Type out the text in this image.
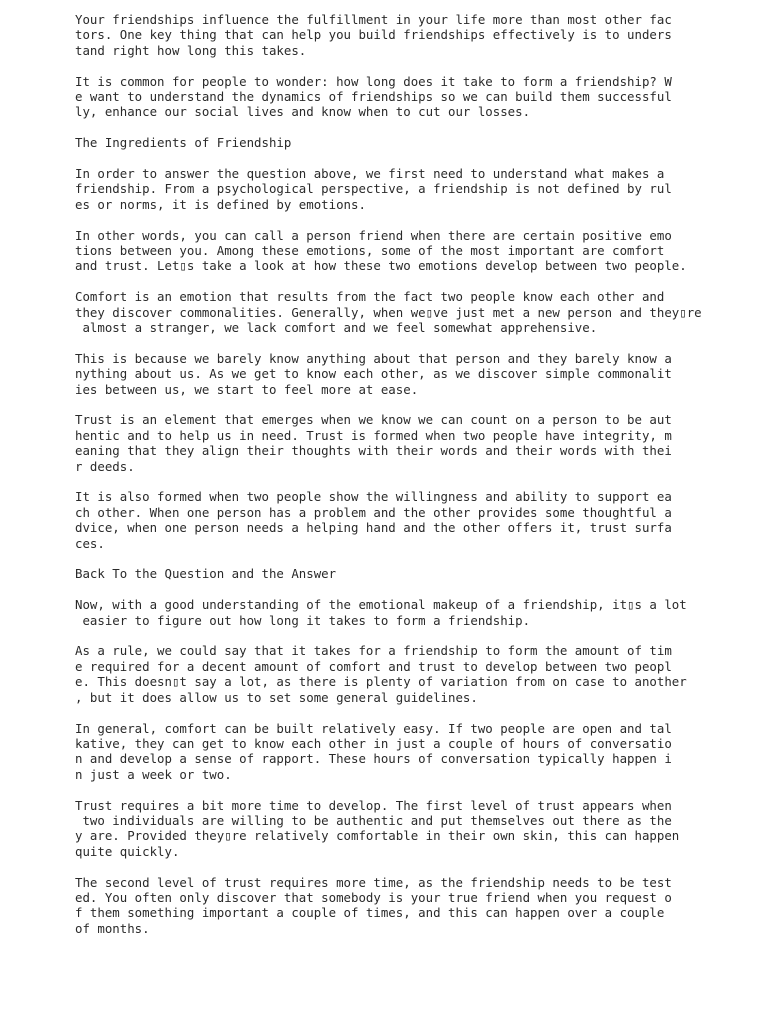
Your friendships influence the fulfillment in your life more than most other fac
tors. One key thing that can help you build friendships effectively is to unders
tand right how long this takes.

It is common for people to wonder: how long does it take to form a friendship? W
e want to understand the dynamics of friendships so we can build them successful
ly, enhance our social lives and know when to cut our losses.

The Ingredients of Friendship

In order to answer the question above, we first need to understand what makes a
friendship. From a psychological perspective, a friendship is not defined by rul
es or norms, it is defined by emotions.

In other words, you can call a person friend when there are certain positive emo
tions between you. Among these emotions, some of the most important are comfort
and trust. Let▯s take a look at how these two emotions develop between two people.

Comfort is an emotion that results from the fact two people know each other and
they discover commonalities. Generally, when we▯ve just met a new person and they▯re
almost a stranger, we lack comfort and we feel somewhat apprehensive.

This is because we barely know anything about that person and they barely know a
nything about us. As we get to know each other, as we discover simple commonalit
ies between us, we start to feel more at ease.

Trust is an element that emerges when we know we can count on a person to be aut
hentic and to help us in need. Trust is formed when two people have integrity, m
eaning that they align their thoughts with their words and their words with thei
r deeds.

It is also formed when two people show the willingness and ability to support ea
ch other. When one person has a problem and the other provides some thoughtful a
dvice, when one person needs a helping hand and the other offers it, trust surfa
ces.

Back To the Question and the Answer

Now, with a good understanding of the emotional makeup of a friendship, it▯s a lot
easier to figure out how long it takes to form a friendship.

As a rule, we could say that it takes for a friendship to form the amount of tim
e required for a decent amount of comfort and trust to develop between two peopl
e. This doesn▯t say a lot, as there is plenty of variation from on case to another
, but it does allow us to set some general guidelines.

In general, comfort can be built relatively easy. If two people are open and tal
kative, they can get to know each other in just a couple of hours of conversatio
n and develop a sense of rapport. These hours of conversation typically happen i
n just a week or two.

Trust requires a bit more time to develop. The first level of trust appears when
two individuals are willing to be authentic and put themselves out there as the
y are. Provided they▯re relatively comfortable in their own skin, this can happen
quite quickly.

The second level of trust requires more time, as the friendship needs to be test
ed. You often only discover that somebody is your true friend when you request o
f them something important a couple of times, and this can happen over a couple
of months.
